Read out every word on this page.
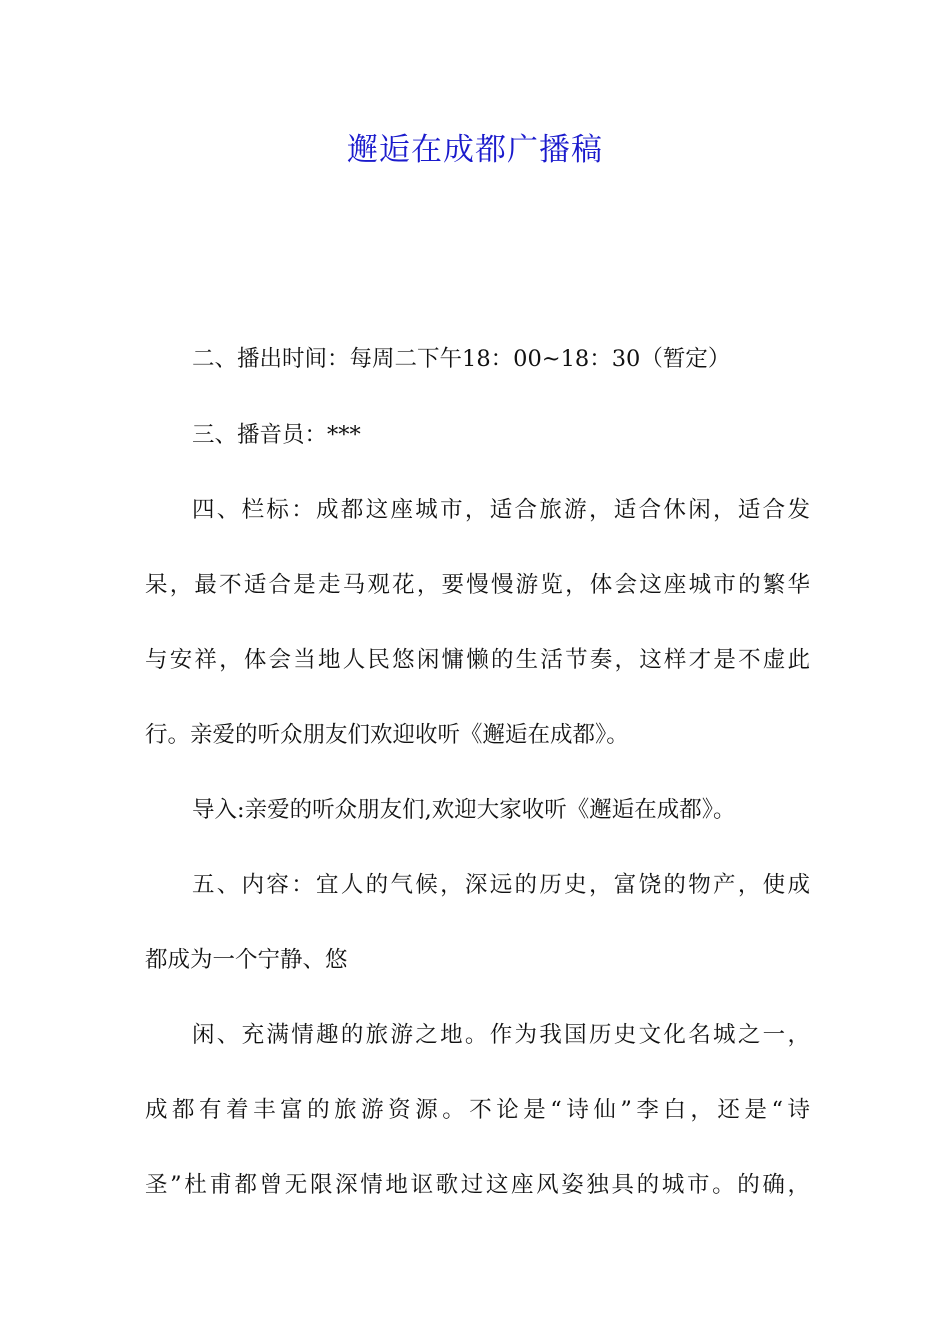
邂逅在成都广播稿

二、播出时间：每周二下午18：00~18：30（暂定）

三、播音员：***

四、栏标：成都这座城市，适合旅游，适合休闲，适合发

呆，最不适合是走马观花，要慢慢游览，体会这座城市的繁华

与安祥，体会当地人民悠闲慵懒的生活节奏，这样才是不虚此

行。亲爱的听众朋友们欢迎收听《邂逅在成都》。

导入:亲爱的听众朋友们,欢迎大家收听《邂逅在成都》。

五、内容：宜人的气候，深远的历史，富饶的物产，使成

都成为一个宁静、悠

闲、充满情趣的旅游之地。作为我国历史文化名城之一，

成都有着丰富的旅游资源。不论是“诗仙”李白，还是“诗

圣”杜甫都曾无限深情地讴歌过这座风姿独具的城市。的确，
